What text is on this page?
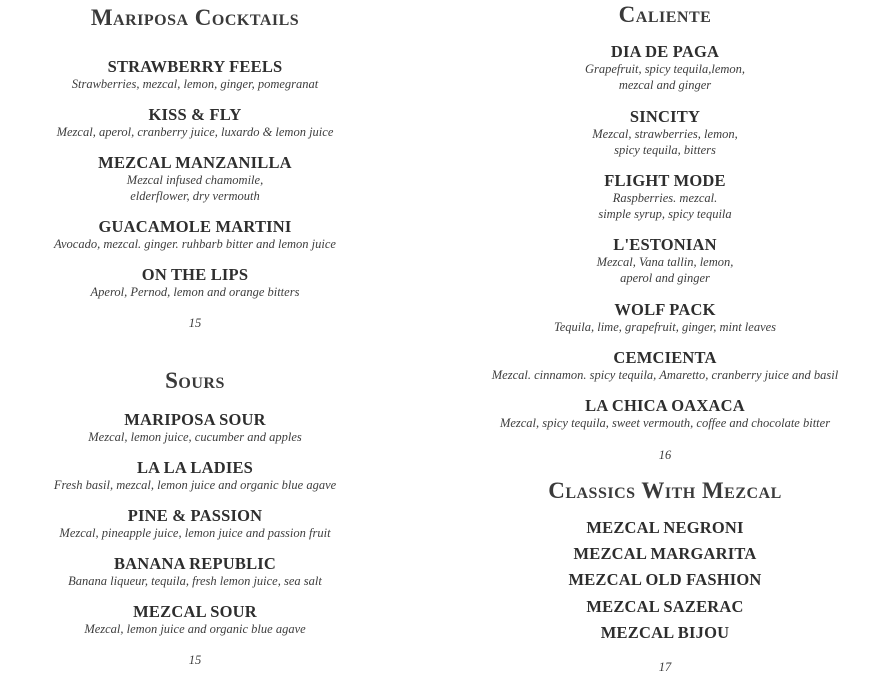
Mariposa Cocktails
STRAWBERRY FEELS
Strawberries, mezcal, lemon, ginger, pomegranat
KISS & FLY
Mezcal, aperol, cranberry juice, luxardo & lemon juice
MEZCAL MANZANILLA
Mezcal infused chamomile,
elderflower, dry vermouth
GUACAMOLE MARTINI
Avocado, mezcal. ginger. ruhbarb bitter and lemon juice
ON THE LIPS
Aperol, Pernod, lemon and orange bitters
15
Sours
MARIPOSA SOUR
Mezcal, lemon juice, cucumber and apples
LA LA LADIES
Fresh basil, mezcal, lemon juice and organic blue agave
PINE & PASSION
Mezcal, pineapple juice, lemon juice and passion fruit
BANANA REPUBLIC
Banana liqueur, tequila, fresh lemon juice, sea salt
MEZCAL SOUR
Mezcal, lemon juice and organic blue agave
15
Caliente
DIA DE PAGA
Grapefruit, spicy tequila,lemon,
mezcal and ginger
SINCITY
Mezcal, strawberries, lemon,
spicy tequila, bitters
FLIGHT MODE
Raspberries. mezcal.
simple syrup, spicy tequila
L'ESTONIAN
Mezcal, Vana tallin, lemon,
aperol and ginger
WOLF PACK
Tequila, lime, grapefruit, ginger, mint leaves
CEMCIENTA
Mezcal. cinnamon. spicy tequila, Amaretto, cranberry juice and basil
LA CHICA OAXACA
Mezcal, spicy tequila, sweet vermouth, coffee and chocolate bitter
16
Classics With Mezcal
MEZCAL NEGRONI
MEZCAL MARGARITA
MEZCAL OLD FASHION
MEZCAL SAZERAC
MEZCAL BIJOU
17
